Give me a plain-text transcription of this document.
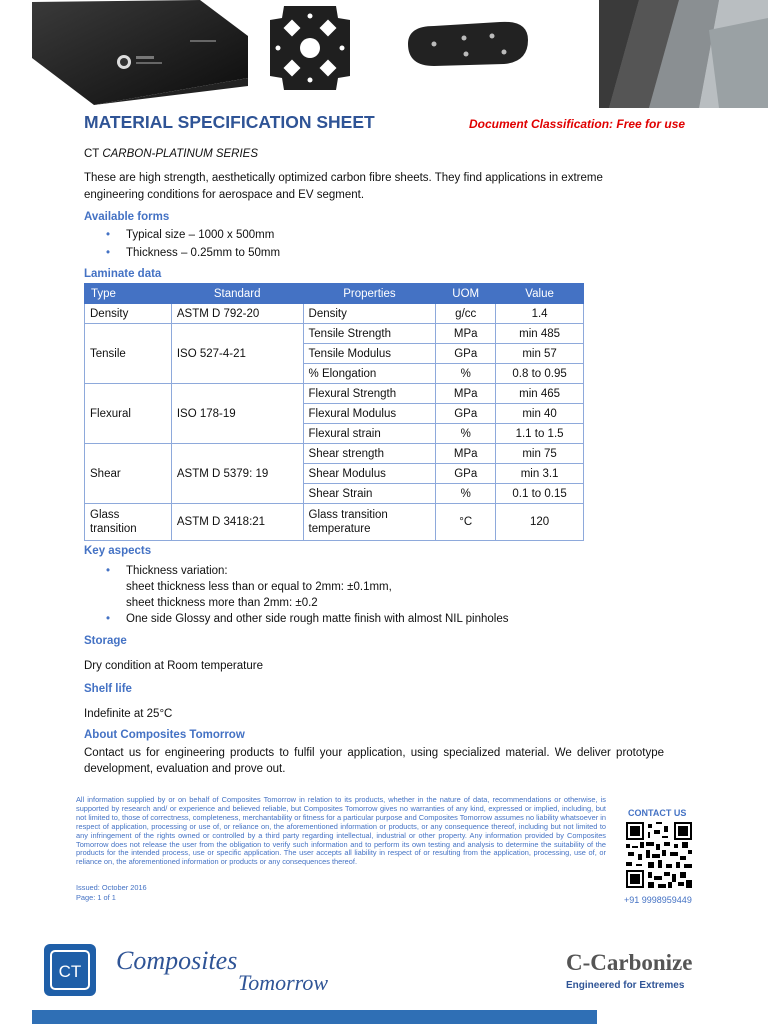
MATERIAL SPECIFICATION SHEET	Document Classification: Free for use
CT CARBON-PLATINUM SERIES
These are high strength, aesthetically optimized carbon fibre sheets. They find applications in extreme engineering conditions for aerospace and EV segment.
Available forms
• Typical size – 1000 x 500mm
• Thickness – 0.25mm to 50mm
Laminate data
Type	Standard	Properties	UOM	Value
Density	ASTM D 792-20	Density	g/cc	1.4
Tensile	ISO 527-4-21	Tensile Strength	MPa	min 485
		Tensile Modulus	GPa	min 57
		% Elongation	%	0.8 to 0.95
Flexural	ISO 178-19	Flexural Strength	MPa	min 465
		Flexural Modulus	GPa	min 40
		Flexural strain	%	1.1 to 1.5
Shear	ASTM D 5379: 19	Shear strength	MPa	min 75
		Shear Modulus	GPa	min 3.1
		Shear Strain	%	0.1 to 0.15
Glass transition	ASTM D 3418:21	Glass transition temperature	°C	120
Key aspects
• Thickness variation:
sheet thickness less than or equal to 2mm: ±0.1mm,
sheet thickness more than 2mm: ±0.2
• One side Glossy and other side rough matte finish with almost NIL pinholes
Storage
Dry condition at Room temperature
Shelf life
Indefinite at 25°C
About Composites Tomorrow
Contact us for engineering products to fulfil your application, using specialized material. We deliver prototype development, evaluation and prove out.
All information supplied by or on behalf of Composites Tomorrow in relation to its products, whether in the nature of data, recommendations or otherwise, is supported by research and/ or experience and believed reliable, but Composites Tomorrow gives no warranties of any kind, expressed or implied, including, but not limited to, those of correctness, completeness, merchantability or fitness for a particular purpose and Composites Tomorrow assumes no liability whatsoever in respect of application, processing or use of, or reliance on, the aforementioned information or products, or any consequence thereof, including but not limited to any infringement of the rights owned or controlled by a third party regarding intellectual, industrial or other property. Any information provided by Composites Tomorrow does not release the user from the obligation to verify such information and to perform its own testing and analysis to determine the suitability of the products for the intended process, use or specific application. The user accepts all liability in respect of or resulting from the application, processing, use of, or reliance on, the aforementioned information or products or any consequences thereof.
Issued: October 2016
Page: 1 of 1
CONTACT US
+91 9998959449
CT Composites
Tomorrow
C-Carbonize
Engineered for Extremes
